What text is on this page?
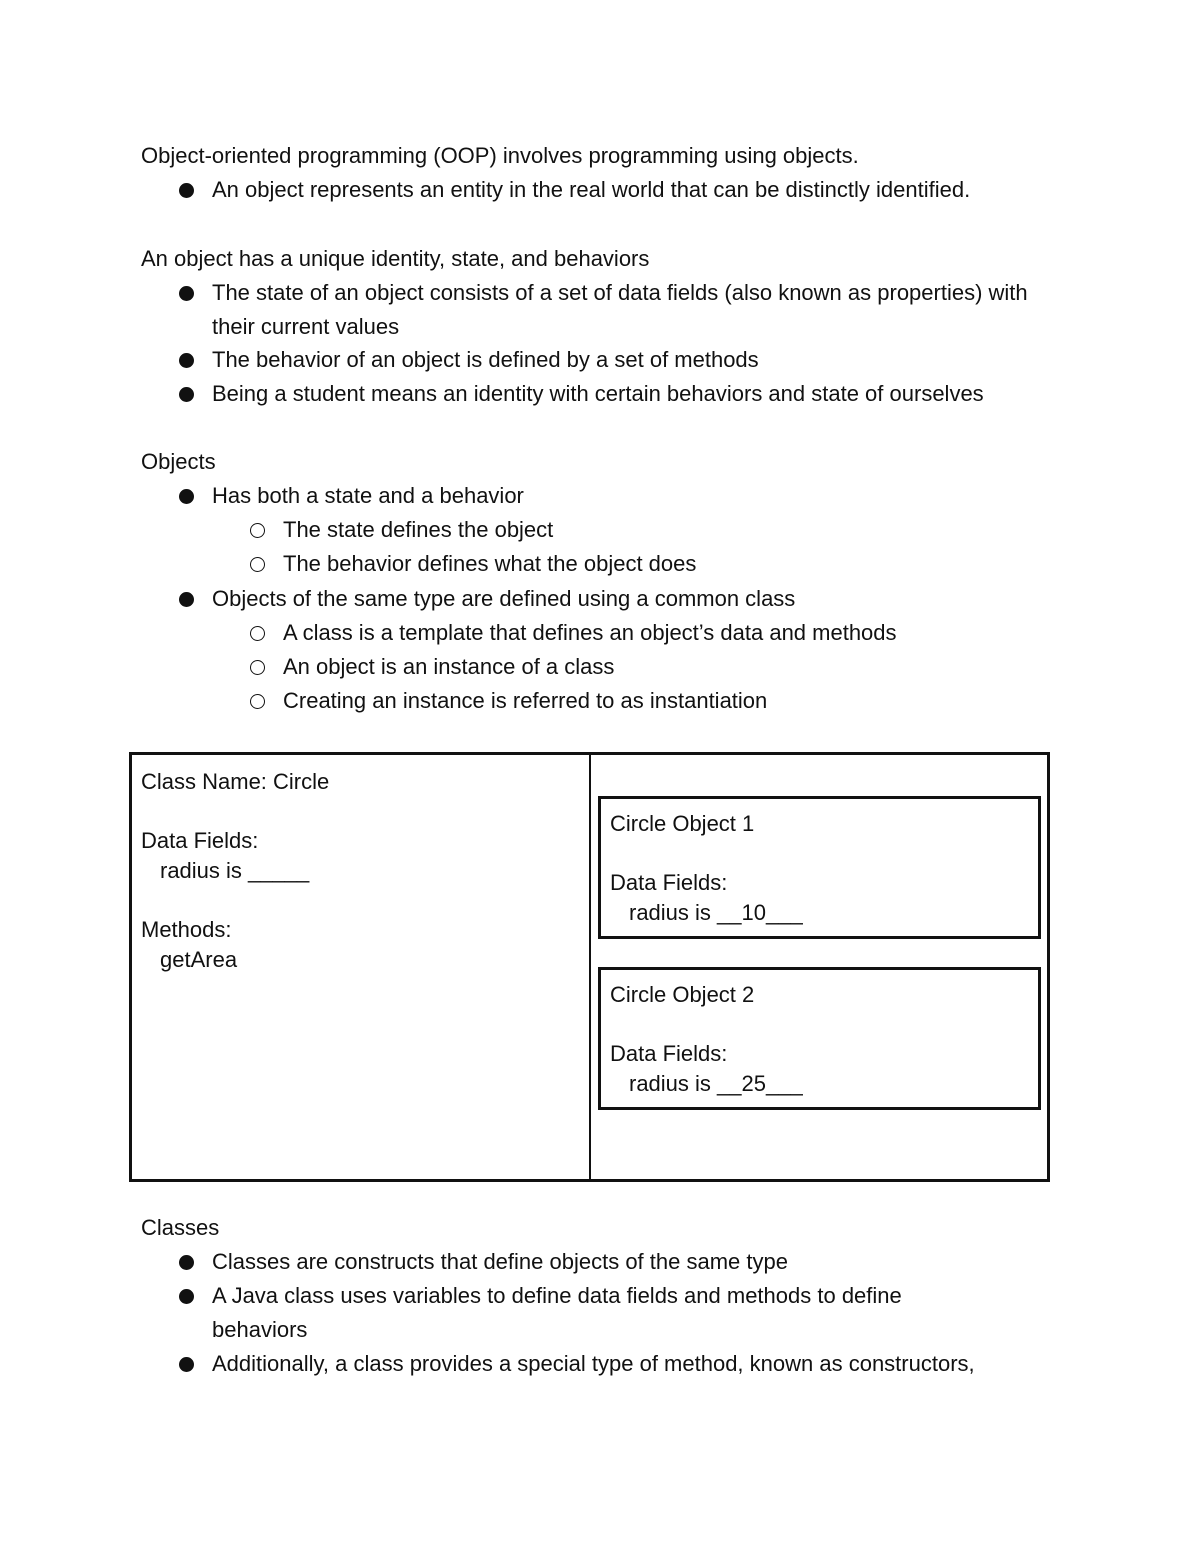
Object-oriented programming (OOP) involves programming using objects.
An object represents an entity in the real world that can be distinctly identified.
An object has a unique identity, state, and behaviors
The state of an object consists of a set of data fields (also known as properties) with their current values
The behavior of an object is defined by a set of methods
Being a student means an identity with certain behaviors and state of ourselves
Objects
Has both a state and a behavior
The state defines the object
The behavior defines what the object does
Objects of the same type are defined using a common class
A class is a template that defines an object’s data and methods
An object is an instance of a class
Creating an instance is referred to as instantiation
Class Name: Circle
Data Fields:
radius is _____
Methods:
getArea
Circle Object 1
Data Fields:
radius is __10___
Circle Object 2
Data Fields:
radius is __25___
Classes
Classes are constructs that define objects of the same type
A Java class uses variables to define data fields and methods to define behaviors
Additionally, a class provides a special type of method, known as constructors,
